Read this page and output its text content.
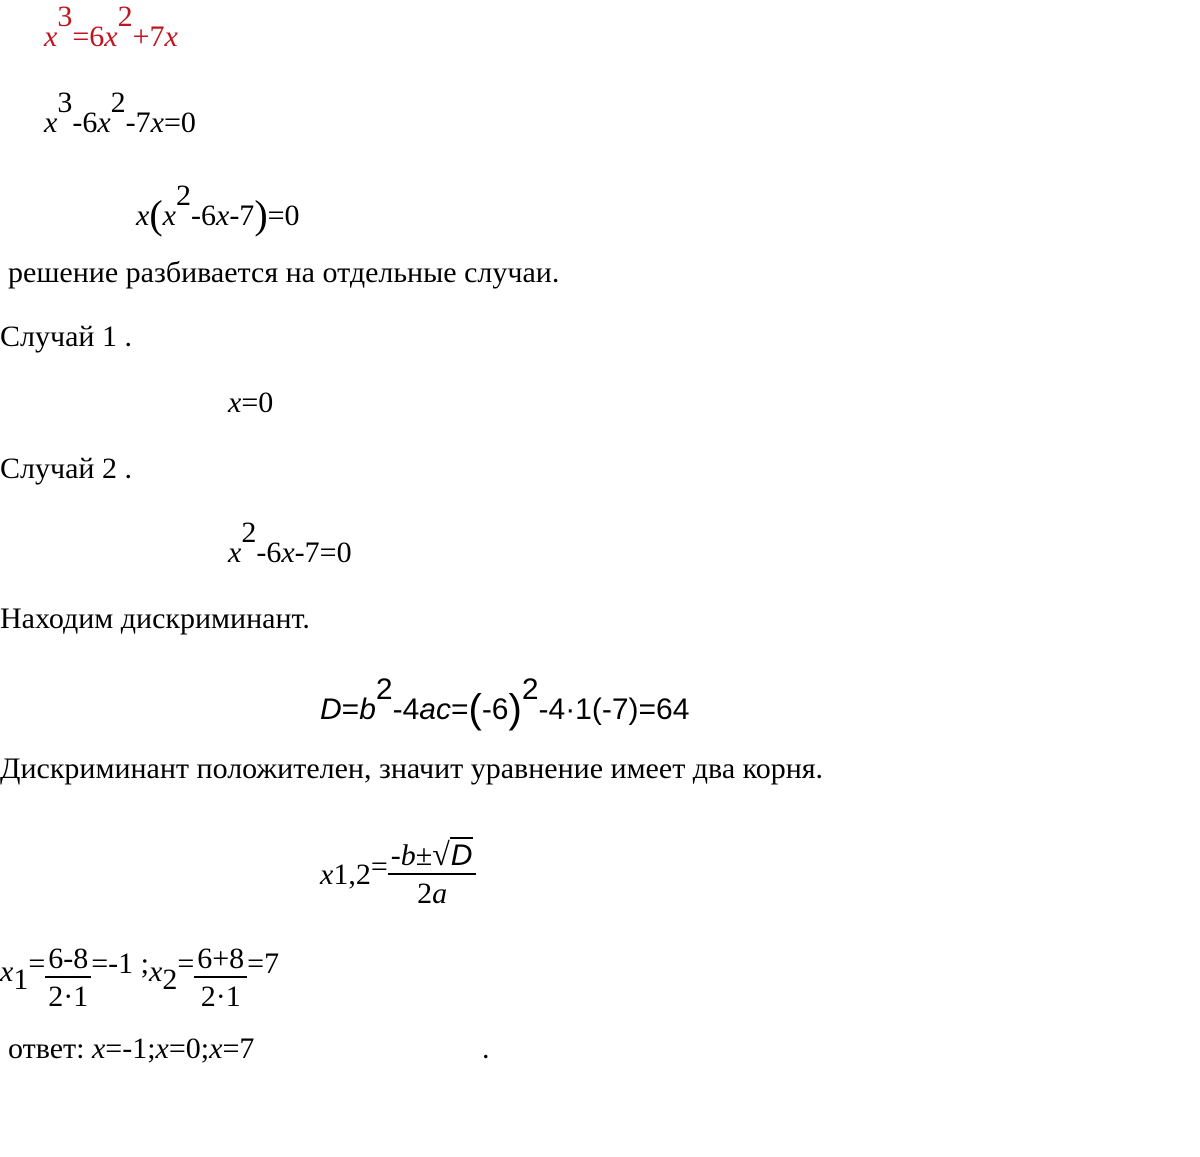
x3=6x2+7x
x3-6x2-7x=0
x(x2-6x-7)=0
решение разбивается на отдельные случаи.
Случай 1 .
x=0
Случай 2 .
x2-6x-7=0
Находим дискриминант.
D=b2-4ac=(-6)2-4·1(-7)=64
Дискриминант положителен, значит уравнение имеет два корня.
$x1,2= \frac{-b\pm√D}{2a}$
$x1= \frac{6-8}{2\cdot 1} =-1$ ;x2= $\frac{6+8}{2\cdot 1} =7$
ответ: x=-1;x=0;x=7	.
